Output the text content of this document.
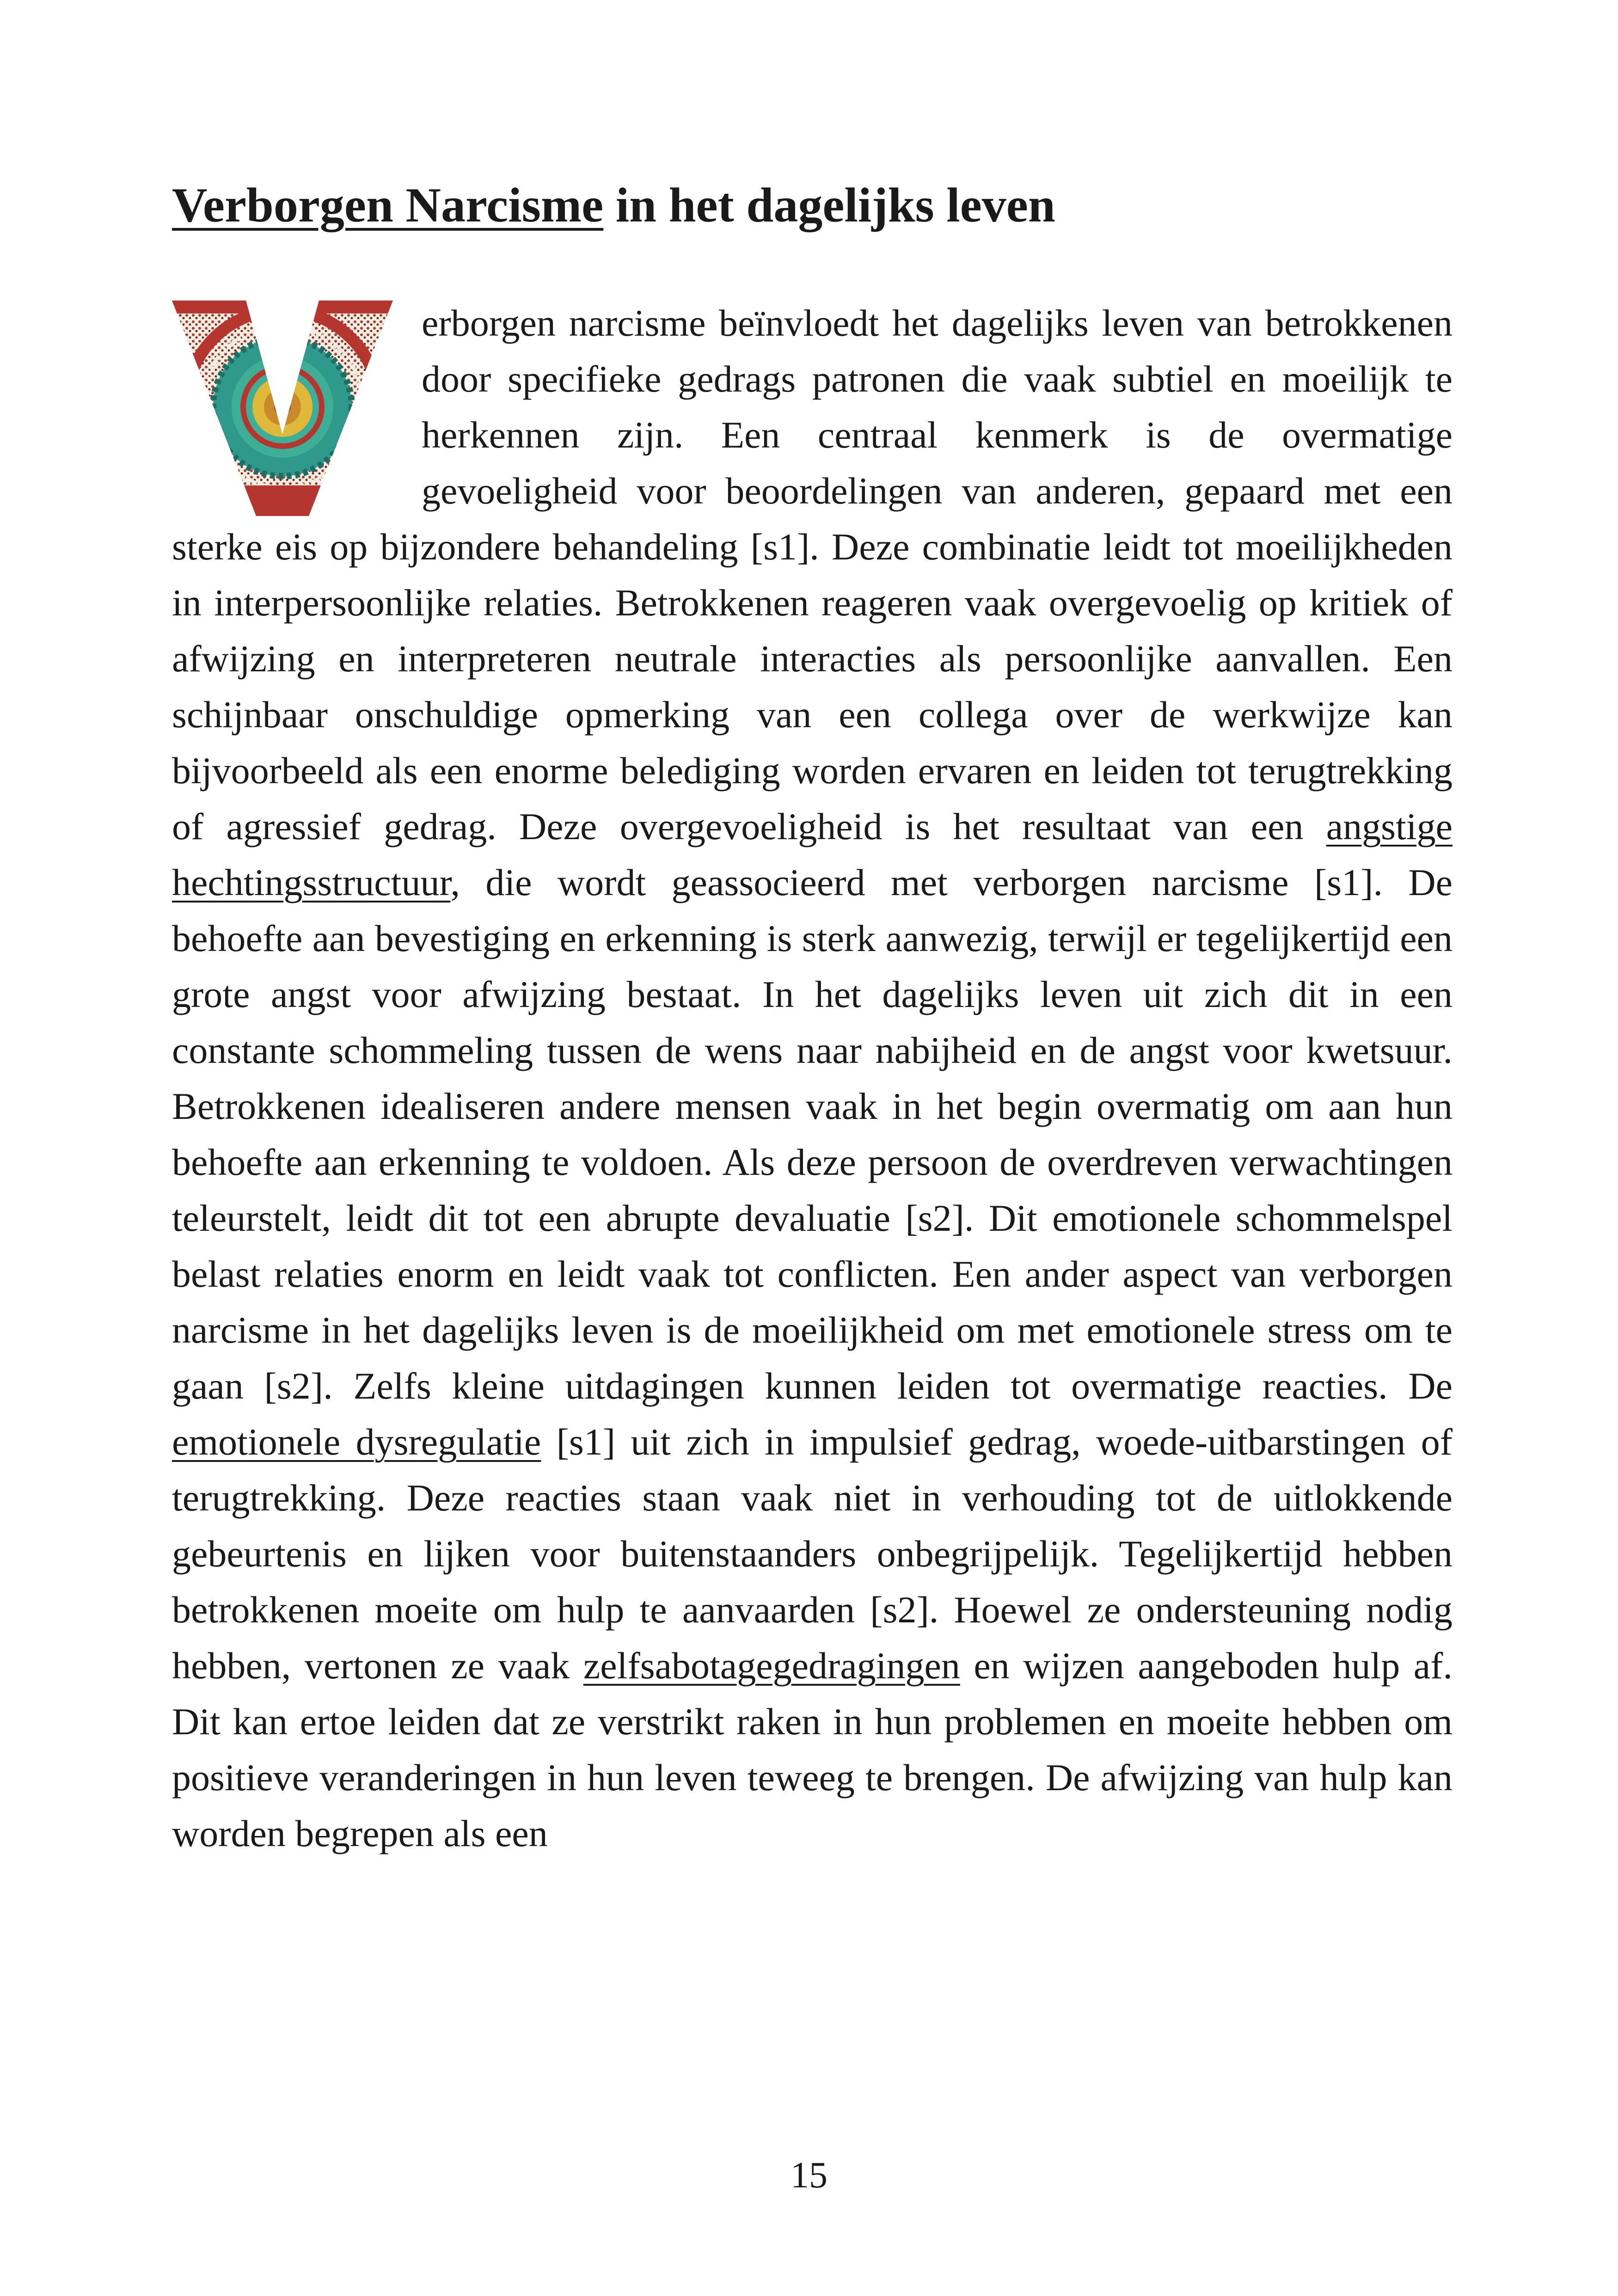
Verborgen Narcisme in het dagelijks leven

erborgen narcisme beïnvloedt het dagelijks leven van betrokkenen door specifieke gedrags patronen die vaak subtiel en moeilijk te herkennen zijn. Een centraal kenmerk is de overmatige gevoeligheid voor beoordelingen van anderen, gepaard met een sterke eis op bijzondere behandeling [s1]. Deze combinatie leidt tot moeilijkheden in interpersoonlijke relaties. Betrokkenen reageren vaak overgevoelig op kritiek of afwijzing en interpreteren neutrale interacties als persoonlijke aanvallen. Een schijnbaar onschuldige opmerking van een collega over de werkwijze kan bijvoorbeeld als een enorme belediging worden ervaren en leiden tot terugtrekking of agressief gedrag. Deze overgevoeligheid is het resultaat van een angstige hechtingsstructuur, die wordt geassocieerd met verborgen narcisme [s1]. De behoefte aan bevestiging en erkenning is sterk aanwezig, terwijl er tegelijkertijd een grote angst voor afwijzing bestaat. In het dagelijks leven uit zich dit in een constante schommeling tussen de wens naar nabijheid en de angst voor kwetsuur. Betrokkenen idealiseren andere mensen vaak in het begin overmatig om aan hun behoefte aan erkenning te voldoen. Als deze persoon de overdreven verwachtingen teleurstelt, leidt dit tot een abrupte devaluatie [s2]. Dit emotionele schommelspel belast relaties enorm en leidt vaak tot conflicten. Een ander aspect van verborgen narcisme in het dagelijks leven is de moeilijkheid om met emotionele stress om te gaan [s2]. Zelfs kleine uitdagingen kunnen leiden tot overmatige reacties. De emotionele dysregulatie [s1] uit zich in impulsief gedrag, woede-uitbarstingen of terugtrekking. Deze reacties staan vaak niet in verhouding tot de uitlokkende gebeurtenis en lijken voor buitenstaanders onbegrijpelijk. Tegelijkertijd hebben betrokkenen moeite om hulp te aanvaarden [s2]. Hoewel ze ondersteuning nodig hebben, vertonen ze vaak zelfsabotagegedragingen en wijzen aangeboden hulp af. Dit kan ertoe leiden dat ze verstrikt raken in hun problemen en moeite hebben om positieve veranderingen in hun leven teweeg te brengen. De afwijzing van hulp kan worden begrepen als een

15
